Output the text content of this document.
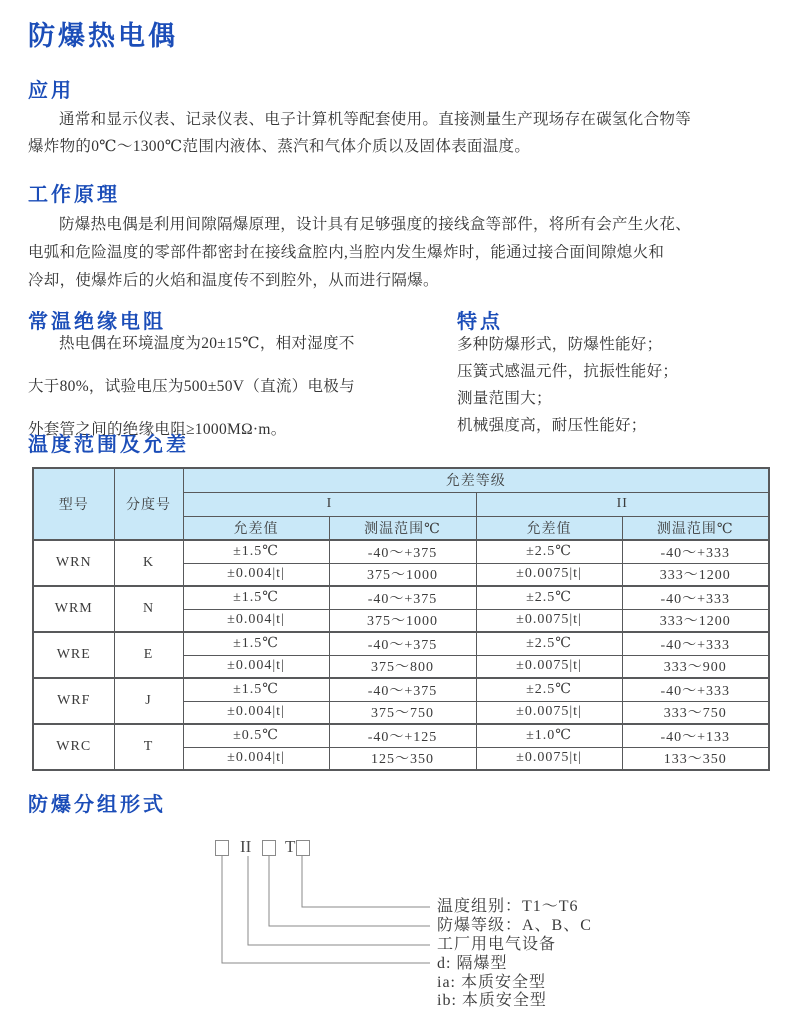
防爆热电偶
应用
通常和显示仪表、记录仪表、电子计算机等配套使用。直接测量生产现场存在碳氢化合物等
爆炸物的0℃～1300℃范围内液体、蒸汽和气体介质以及固体表面温度。
工作原理
防爆热电偶是利用间隙隔爆原理，设计具有足够强度的接线盒等部件，将所有会产生火花、
电弧和危险温度的零部件都密封在接线盒腔内,当腔内发生爆炸时，能通过接合面间隙熄火和
冷却，使爆炸后的火焰和温度传不到腔外，从而进行隔爆。
常温绝缘电阻
热电偶在环境温度为20±15℃，相对湿度不
大于80%，试验电压为500±50V（直流）电极与
外套管之间的绝缘电阻≥1000MΩ·m。
特点
多种防爆形式，防爆性能好；
压簧式感温元件，抗振性能好；
测量范围大；
机械强度高，耐压性能好；
温度范围及允差
型号	分度号	允差等级			
		I		II	
		允差值	测温范围℃	允差值	测温范围℃
WRN	K	±1.5℃	-40～+375	±2.5℃	-40～+333
		±0.004|t|	375～1000	±0.0075|t|	333～1200
WRM	N	±1.5℃	-40～+375	±2.5℃	-40～+333
		±0.004|t|	375～1000	±0.0075|t|	333～1200
WRE	E	±1.5℃	-40～+375	±2.5℃	-40～+333
		±0.004|t|	375～800	±0.0075|t|	333～900
WRF	J	±1.5℃	-40～+375	±2.5℃	-40～+333
		±0.004|t|	375～750	±0.0075|t|	333～750
WRC	T	±0.5℃	-40～+125	±1.0℃	-40～+133
		±0.004|t|	125～350	±0.0075|t|	133～350
防爆分组形式
II T
温度组别：T1～T6
防爆等级：A、B、C
工厂用电气设备
d: 隔爆型
ia: 本质安全型
ib: 本质安全型
